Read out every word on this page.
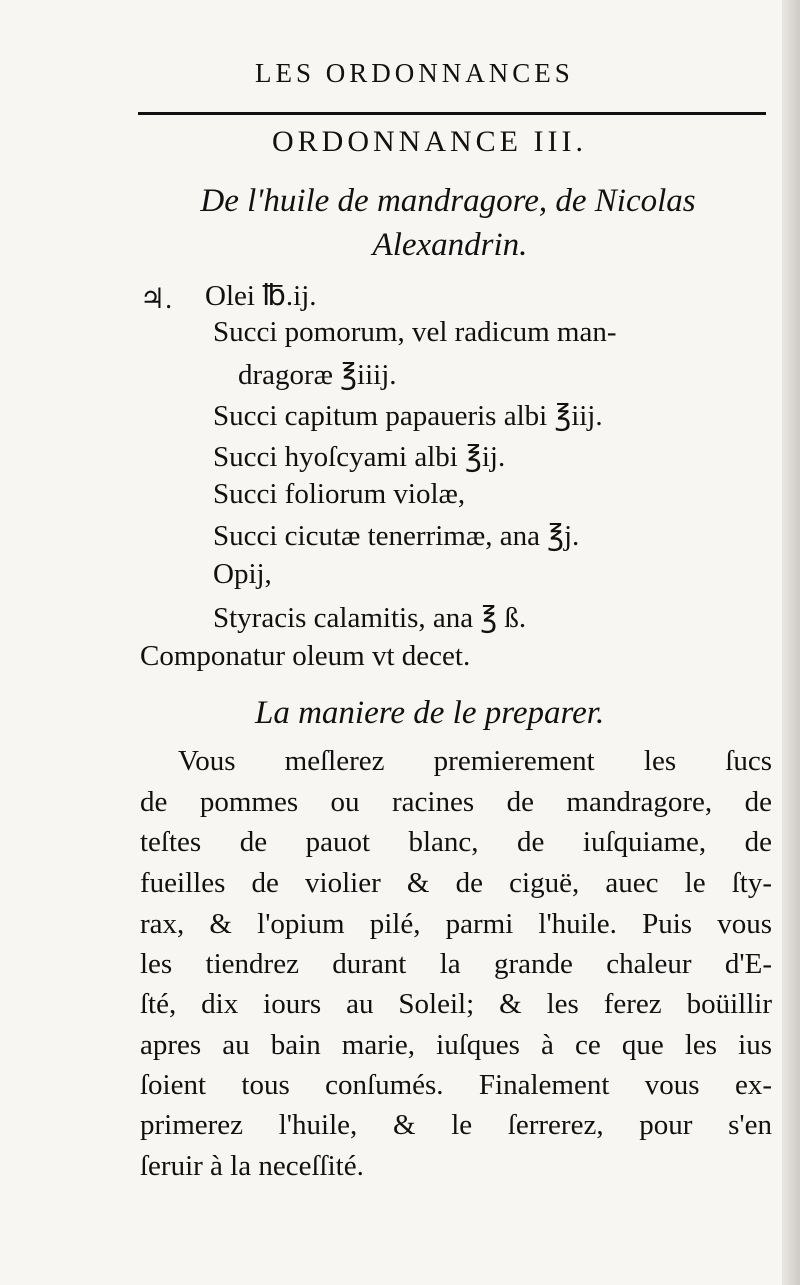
LES ORDONNANCES
ORDONNANCE III.
De l'huile de mandragore, de Nicolas
Alexandrin.
♃. Olei ℔.ij.
Succi pomorum, vel radicum man-
dragoræ ℥iiij.
Succi capitum papaueris albi ℥iij.
Succi hyoſcyami albi ℥ij.
Succi foliorum violæ,
Succi cicutæ tenerrimæ, ana ℥j.
Opij,
Styracis calamitis, ana ℥ ß.
Componatur oleum vt decet.
La maniere de le preparer.
Vous meſlerez premierement les ſucs
de pommes ou racines de mandragore, de
teſtes de pauot blanc, de iuſquiame, de
fueilles de violier & de ciguë, auec le ſty-
rax, & l'opium pilé, parmi l'huile. Puis vous
les tiendrez durant la grande chaleur d'E-
ſté, dix iours au Soleil; & les ferez boüillir
apres au bain marie, iuſques à ce que les ius
ſoient tous conſumés. Finalement vous ex-
primerez l'huile, & le ſerrerez, pour s'en
ſeruir à la neceſſité.
